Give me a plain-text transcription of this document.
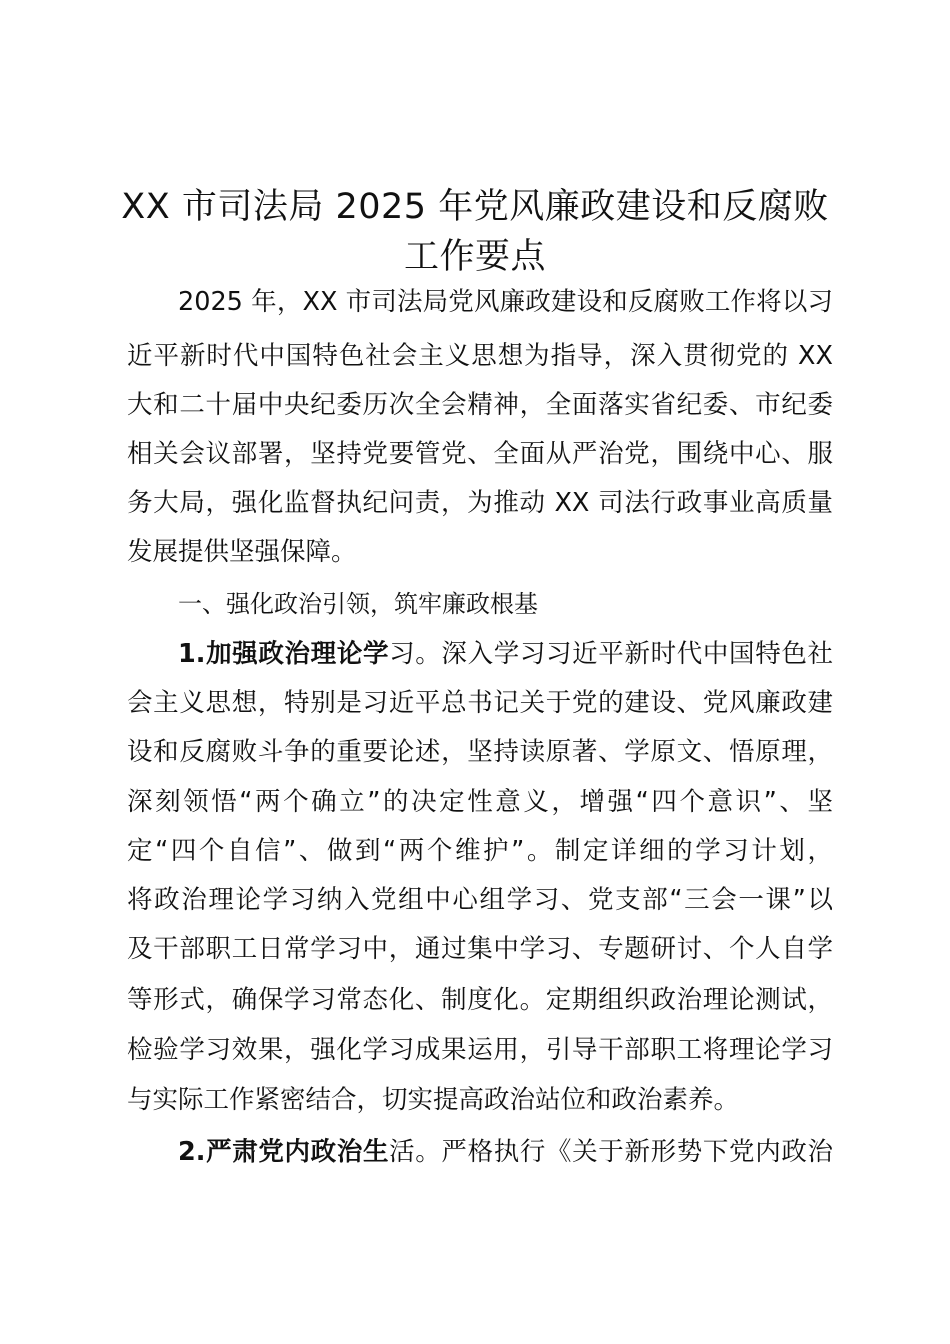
XX 市司法局 2025 年党风廉政建设和反腐败
工作要点
2025 年，XX 市司法局党风廉政建设和反腐败工作将以习
近平新时代中国特色社会主义思想为指导，深入贯彻党的 XX
大和二十届中央纪委历次全会精神，全面落实省纪委、市纪委
相关会议部署，坚持党要管党、全面从严治党，围绕中心、服
务大局，强化监督执纪问责，为推动 XX 司法行政事业高质量
发展提供坚强保障。
一、强化政治引领，筑牢廉政根基
1.加强政治理论学习。深入学习习近平新时代中国特色社
会主义思想，特别是习近平总书记关于党的建设、党风廉政建
设和反腐败斗争的重要论述，坚持读原著、学原文、悟原理，
深刻领悟“两个确立”的决定性意义，增强“四个意识”、坚
定“四个自信”、做到“两个维护”。制定详细的学习计划，
将政治理论学习纳入党组中心组学习、党支部“三会一课”以
及干部职工日常学习中，通过集中学习、专题研讨、个人自学
等形式，确保学习常态化、制度化。定期组织政治理论测试，
检验学习效果，强化学习成果运用，引导干部职工将理论学习
与实际工作紧密结合，切实提高政治站位和政治素养。
2.严肃党内政治生活。严格执行《关于新形势下党内政治
